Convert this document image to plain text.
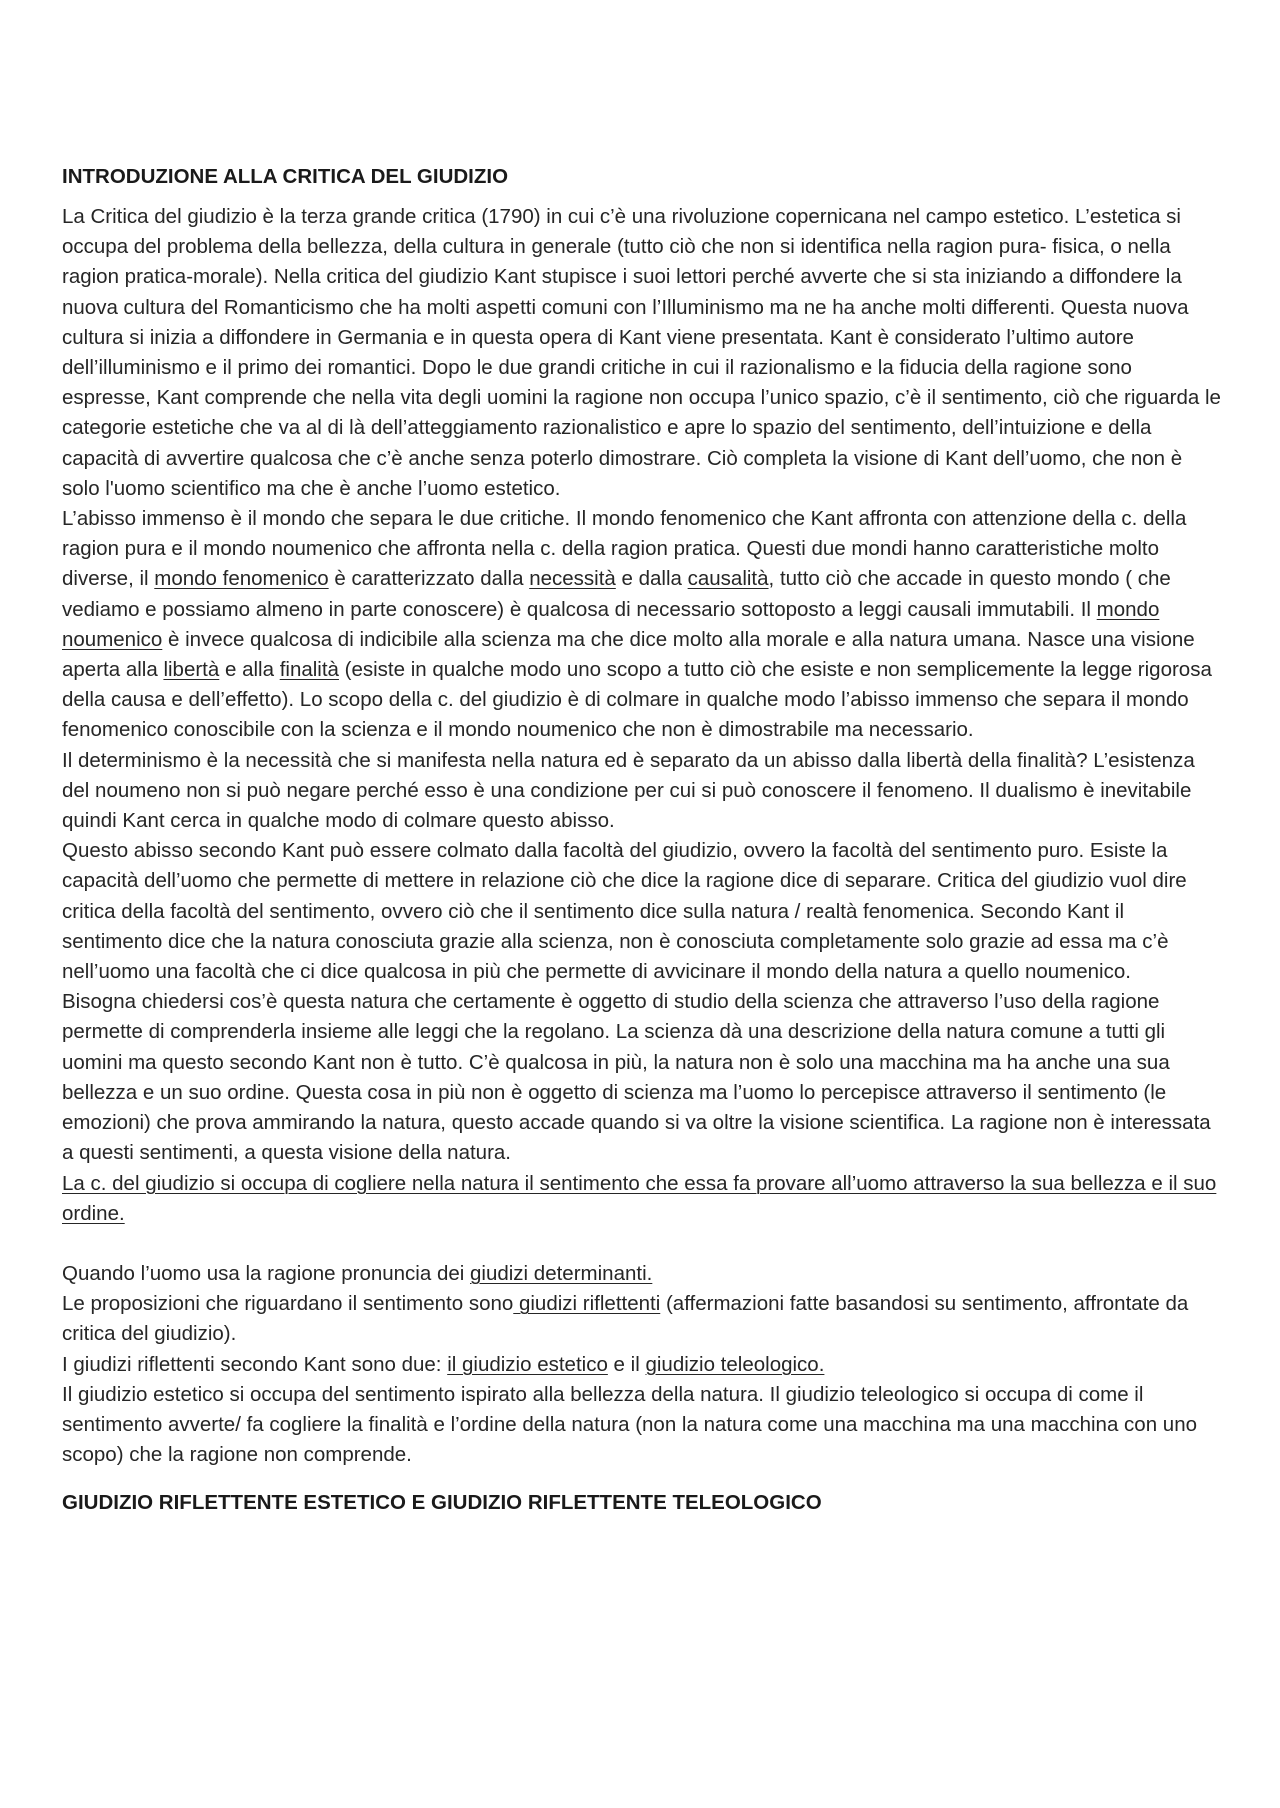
INTRODUZIONE ALLA CRITICA DEL GIUDIZIO

La Critica del giudizio è la terza grande critica (1790) in cui c’è una rivoluzione copernicana nel campo estetico. L’estetica si occupa del problema della bellezza, della cultura in generale (tutto ciò che non si identifica nella ragion pura- fisica, o nella ragion pratica-morale). Nella critica del giudizio Kant stupisce i suoi lettori perché avverte che si sta iniziando a diffondere la nuova cultura del Romanticismo che ha molti aspetti comuni con l’Illuminismo ma ne ha anche molti differenti. Questa nuova cultura si inizia a diffondere in Germania e in questa opera di Kant viene presentata. Kant è considerato l’ultimo autore dell’illuminismo e il primo dei romantici. Dopo le due grandi critiche in cui il razionalismo e la fiducia della ragione sono espresse, Kant comprende che nella vita degli uomini la ragione non occupa l’unico spazio, c’è il sentimento, ciò che riguarda le categorie estetiche che va al di là dell’atteggiamento razionalistico e apre lo spazio del sentimento, dell’intuizione e della capacità di avvertire qualcosa che c’è anche senza poterlo dimostrare. Ciò completa la visione di Kant dell’uomo, che non è solo l'uomo scientifico ma che è anche l’uomo estetico.

L’abisso immenso è il mondo che separa le due critiche. Il mondo fenomenico che Kant affronta con attenzione della c. della ragion pura e il mondo noumenico che affronta nella c. della ragion pratica. Questi due mondi hanno caratteristiche molto diverse, il mondo fenomenico è caratterizzato dalla necessità e dalla causalità, tutto ciò che accade in questo mondo ( che vediamo e possiamo almeno in parte conoscere) è qualcosa di necessario sottoposto a leggi causali immutabili. Il mondo noumenico è invece qualcosa di indicibile alla scienza ma che dice molto alla morale e alla natura umana. Nasce una visione aperta alla libertà e alla finalità (esiste in qualche modo uno scopo a tutto ciò che esiste e non semplicemente la legge rigorosa della causa e dell’effetto). Lo scopo della c. del giudizio è di colmare in qualche modo l’abisso immenso che separa il mondo fenomenico conoscibile con la scienza e il mondo noumenico che non è dimostrabile ma necessario.

Il determinismo è la necessità che si manifesta nella natura ed è separato da un abisso dalla libertà della finalità? L’esistenza del noumeno non si può negare perché esso è una condizione per cui si può conoscere il fenomeno. Il dualismo è inevitabile quindi Kant cerca in qualche modo di colmare questo abisso.

Questo abisso secondo Kant può essere colmato dalla facoltà del giudizio, ovvero la facoltà del sentimento puro. Esiste la capacità dell’uomo che permette di mettere in relazione ciò che dice la ragione dice di separare. Critica del giudizio vuol dire critica della facoltà del sentimento, ovvero ciò che il sentimento dice sulla natura / realtà fenomenica. Secondo Kant il sentimento dice che la natura conosciuta grazie alla scienza, non è conosciuta completamente solo grazie ad essa ma c’è nell’uomo una facoltà che ci dice qualcosa in più che permette di avvicinare il mondo della natura a quello noumenico.

Bisogna chiedersi cos’è questa natura che certamente è oggetto di studio della scienza che attraverso l’uso della ragione permette di comprenderla insieme alle leggi che la regolano. La scienza dà una descrizione della natura comune a tutti gli uomini ma questo secondo Kant non è tutto. C’è qualcosa in più, la natura non è solo una macchina ma ha anche una sua bellezza e un suo ordine. Questa cosa in più non è oggetto di scienza ma l’uomo lo percepisce attraverso il sentimento (le emozioni) che prova ammirando la natura, questo accade quando si va oltre la visione scientifica. La ragione non è interessata a questi sentimenti, a questa visione della natura.

La c. del giudizio si occupa di cogliere nella natura il sentimento che essa fa provare all’uomo attraverso la sua bellezza e il suo ordine.

Quando l’uomo usa la ragione pronuncia dei giudizi determinanti.

Le proposizioni che riguardano il sentimento sono giudizi riflettenti (affermazioni fatte basandosi su sentimento, affrontate da critica del giudizio).

I giudizi riflettenti secondo Kant sono due: il giudizio estetico e il giudizio teleologico.

Il giudizio estetico si occupa del sentimento ispirato alla bellezza della natura. Il giudizio teleologico si occupa di come il sentimento avverte/ fa cogliere la finalità e l’ordine della natura (non la natura come una macchina ma una macchina con uno scopo) che la ragione non comprende.

GIUDIZIO RIFLETTENTE ESTETICO E GIUDIZIO RIFLETTENTE TELEOLOGICO
